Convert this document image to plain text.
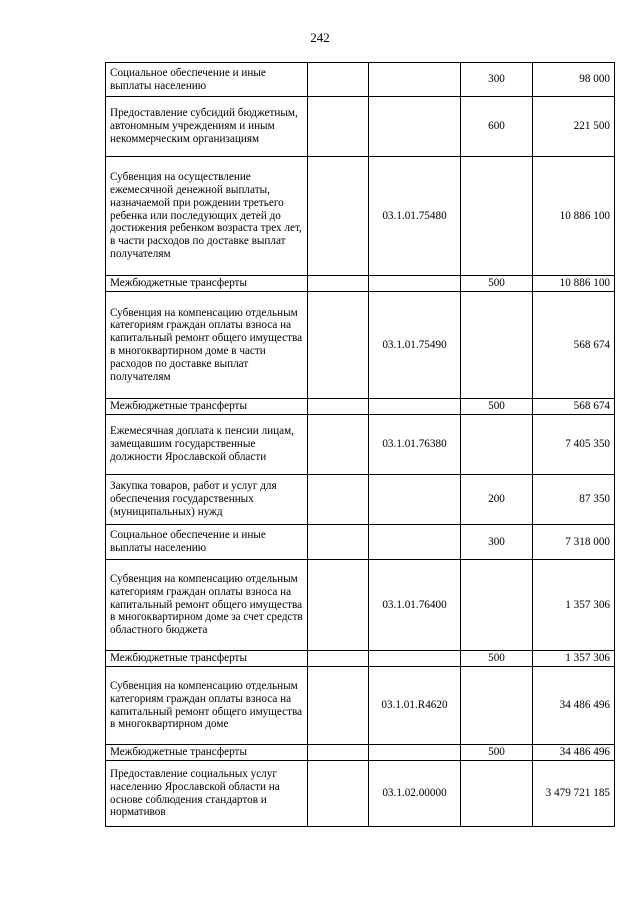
242
Социальное обеспечение и иные выплаты населению			300	98 000
Предоставление субсидий бюджетным, автономным учреждениям и иным некоммерческим организациям			600	221 500
Субвенция на осуществление ежемесячной денежной выплаты, назначаемой при рождении третьего ребенка или последующих детей до достижения ребенком возраста трех лет, в части расходов по доставке выплат получателям		03.1.01.75480		10 886 100
Межбюджетные трансферты			500	10 886 100
Субвенция на компенсацию отдельным категориям граждан оплаты взноса на капитальный ремонт общего имущества в многоквартирном доме в части расходов по доставке выплат получателям		03.1.01.75490		568 674
Межбюджетные трансферты			500	568 674
Ежемесячная доплата к пенсии лицам, замещавшим государственные должности Ярославской области		03.1.01.76380		7 405 350
Закупка товаров, работ и услуг для обеспечения государственных (муниципальных) нужд			200	87 350
Социальное обеспечение и иные выплаты населению			300	7 318 000
Субвенция на компенсацию отдельным категориям граждан оплаты взноса на капитальный ремонт общего имущества в многоквартирном доме за счет средств областного бюджета		03.1.01.76400		1 357 306
Межбюджетные трансферты			500	1 357 306
Субвенция на компенсацию отдельным категориям граждан оплаты взноса на капитальный ремонт общего имущества в многоквартирном доме		03.1.01.R4620		34 486 496
Межбюджетные трансферты			500	34 486 496
Предоставление социальных услуг населению Ярославской области на основе соблюдения стандартов и нормативов		03.1.02.00000		3 479 721 185
